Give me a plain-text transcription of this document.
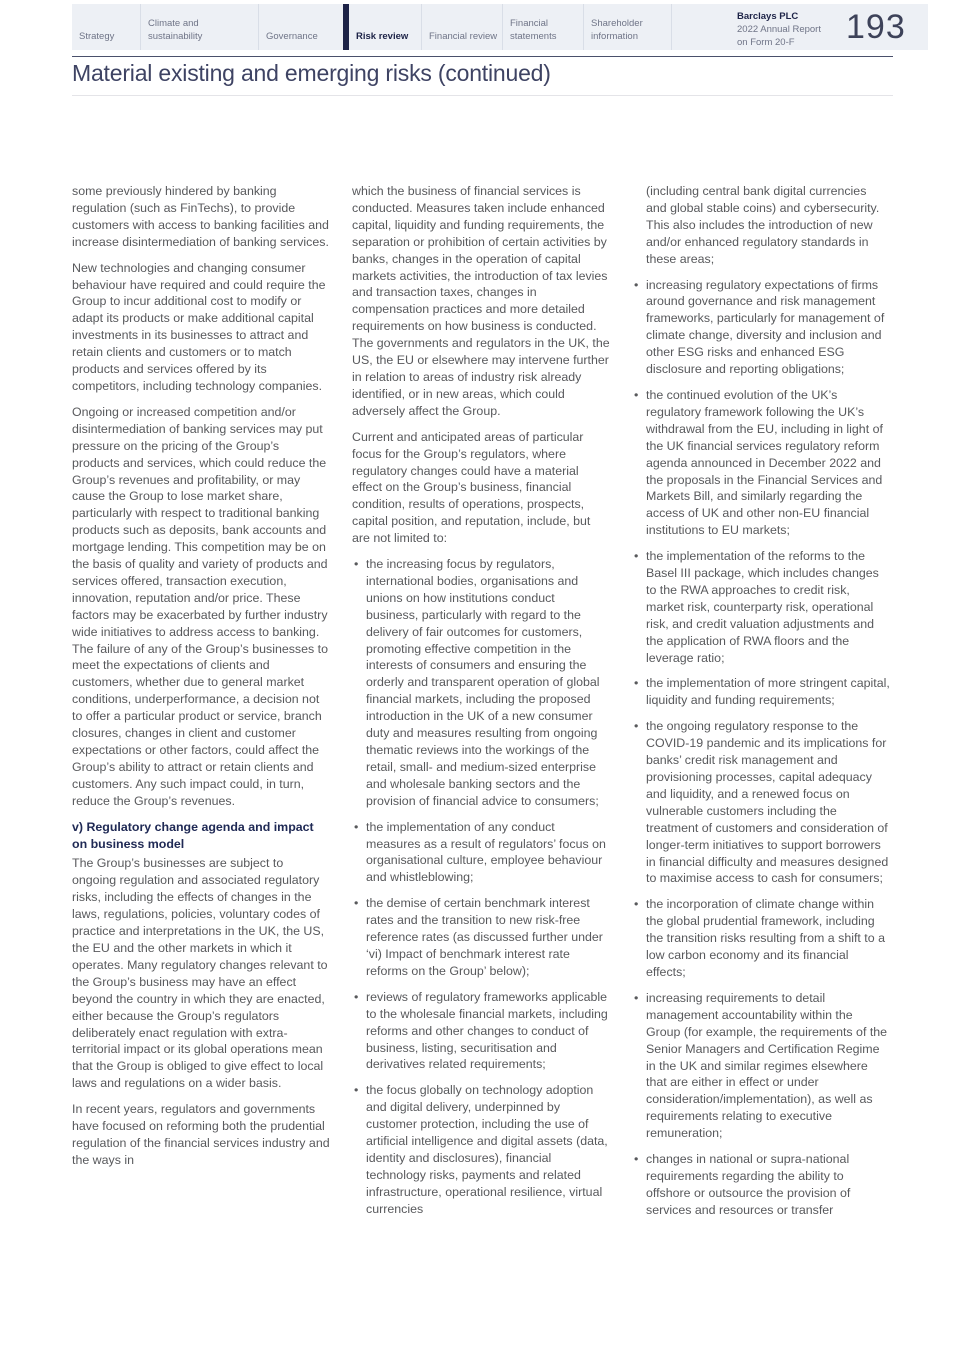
Strategy
Climate and sustainability	Governance	Risk review	Financial review
Financial statements
Shareholder information
Barclays PLC
2022 Annual Report
on Form 20-F	193
Material existing and emerging risks (continued)

some previously hindered by banking regulation (such as FinTechs), to provide customers with access to banking facilities and increase disintermediation of banking services.

New technologies and changing consumer behaviour have required and could require the Group to incur additional cost to modify or adapt its products or make additional capital investments in its businesses to attract and retain clients and customers or to match products and services offered by its competitors, including technology companies.

Ongoing or increased competition and/or disintermediation of banking services may put pressure on the pricing of the Group’s products and services, which could reduce the Group’s revenues and profitability, or may cause the Group to lose market share, particularly with respect to traditional banking products such as deposits, bank accounts and mortgage lending. This competition may be on the basis of quality and variety of products and services offered, transaction execution, innovation, reputation and/or price. These factors may be exacerbated by further industry wide initiatives to address access to banking. The failure of any of the Group’s businesses to meet the expectations of clients and customers, whether due to general market conditions, underperformance, a decision not to offer a particular product or service, branch closures, changes in client and customer expectations or other factors, could affect the Group’s ability to attract or retain clients and customers. Any such impact could, in turn, reduce the Group’s revenues.

v) Regulatory change agenda and impact on business model

The Group’s businesses are subject to ongoing regulation and associated regulatory risks, including the effects of changes in the laws, regulations, policies, voluntary codes of practice and interpretations in the UK, the US, the EU and the other markets in which it operates. Many regulatory changes relevant to the Group’s business may have an effect beyond the country in which they are enacted, either because the Group’s regulators deliberately enact regulation with extra-territorial impact or its global operations mean that the Group is obliged to give effect to local laws and regulations on a wider basis.

In recent years, regulators and governments have focused on reforming both the prudential regulation of the financial services industry and the ways in

which the business of financial services is conducted. Measures taken include enhanced capital, liquidity and funding requirements, the separation or prohibition of certain activities by banks, changes in the operation of capital markets activities, the introduction of tax levies and transaction taxes, changes in compensation practices and more detailed requirements on how business is conducted. The governments and regulators in the UK, the US, the EU or elsewhere may intervene further in relation to areas of industry risk already identified, or in new areas, which could adversely affect the Group.

Current and anticipated areas of particular focus for the Group’s regulators, where regulatory changes could have a material effect on the Group’s business, financial condition, results of operations, prospects, capital position, and reputation, include, but are not limited to:

•
the increasing focus by regulators, international bodies, organisations and unions on how institutions conduct business, particularly with regard to the delivery of fair outcomes for customers, promoting effective competition in the interests of consumers and ensuring the orderly and transparent operation of global financial markets, including the proposed introduction in the UK of a new consumer duty and measures resulting from ongoing thematic reviews into the workings of the retail, small- and medium-sized enterprise and wholesale banking sectors and the provision of financial advice to consumers;
•
the implementation of any conduct measures as a result of regulators’ focus on organisational culture, employee behaviour and whistleblowing;
•
the demise of certain benchmark interest rates and the transition to new risk-free reference rates (as discussed further under ‘vi) Impact of benchmark interest rate reforms on the Group’ below);
•
reviews of regulatory frameworks applicable to the wholesale financial markets, including reforms and other changes to conduct of business, listing, securitisation and derivatives related requirements;
•
the focus globally on technology adoption and digital delivery, underpinned by customer protection, including the use of artificial intelligence and digital assets (data, identity and disclosures), financial technology risks, payments and related infrastructure, operational resilience, virtual currencies
(including central bank digital currencies and global stable coins) and cybersecurity. This also includes the introduction of new and/or enhanced regulatory standards in these areas;
•
increasing regulatory expectations of firms around governance and risk management frameworks, particularly for management of climate change, diversity and inclusion and other ESG risks and enhanced ESG disclosure and reporting obligations;
•
the continued evolution of the UK’s regulatory framework following the UK’s withdrawal from the EU, including in light of the UK financial services regulatory reform agenda announced in December 2022 and the proposals in the Financial Services and Markets Bill, and similarly regarding the access of UK and other non-EU financial institutions to EU markets;
•
the implementation of the reforms to the Basel III package, which includes changes to the RWA approaches to credit risk, market risk, counterparty risk, operational risk, and credit valuation adjustments and the application of RWA floors and the leverage ratio;
•
the implementation of more stringent capital, liquidity and funding requirements;
•
the ongoing regulatory response to the COVID-19 pandemic and its implications for banks’ credit risk management and provisioning processes, capital adequacy and liquidity, and a renewed focus on vulnerable customers including the treatment of customers and consideration of longer-term initiatives to support borrowers in financial difficulty and measures designed to maximise access to cash for consumers;
•
the incorporation of climate change within the global prudential framework, including the transition risks resulting from a shift to a low carbon economy and its financial effects;
•
increasing requirements to detail management accountability within the Group (for example, the requirements of the Senior Managers and Certification Regime in the UK and similar regimes elsewhere that are either in effect or under consideration/implementation), as well as requirements relating to executive remuneration;
•
changes in national or supra-national requirements regarding the ability to offshore or outsource the provision of services and resources or transfer
